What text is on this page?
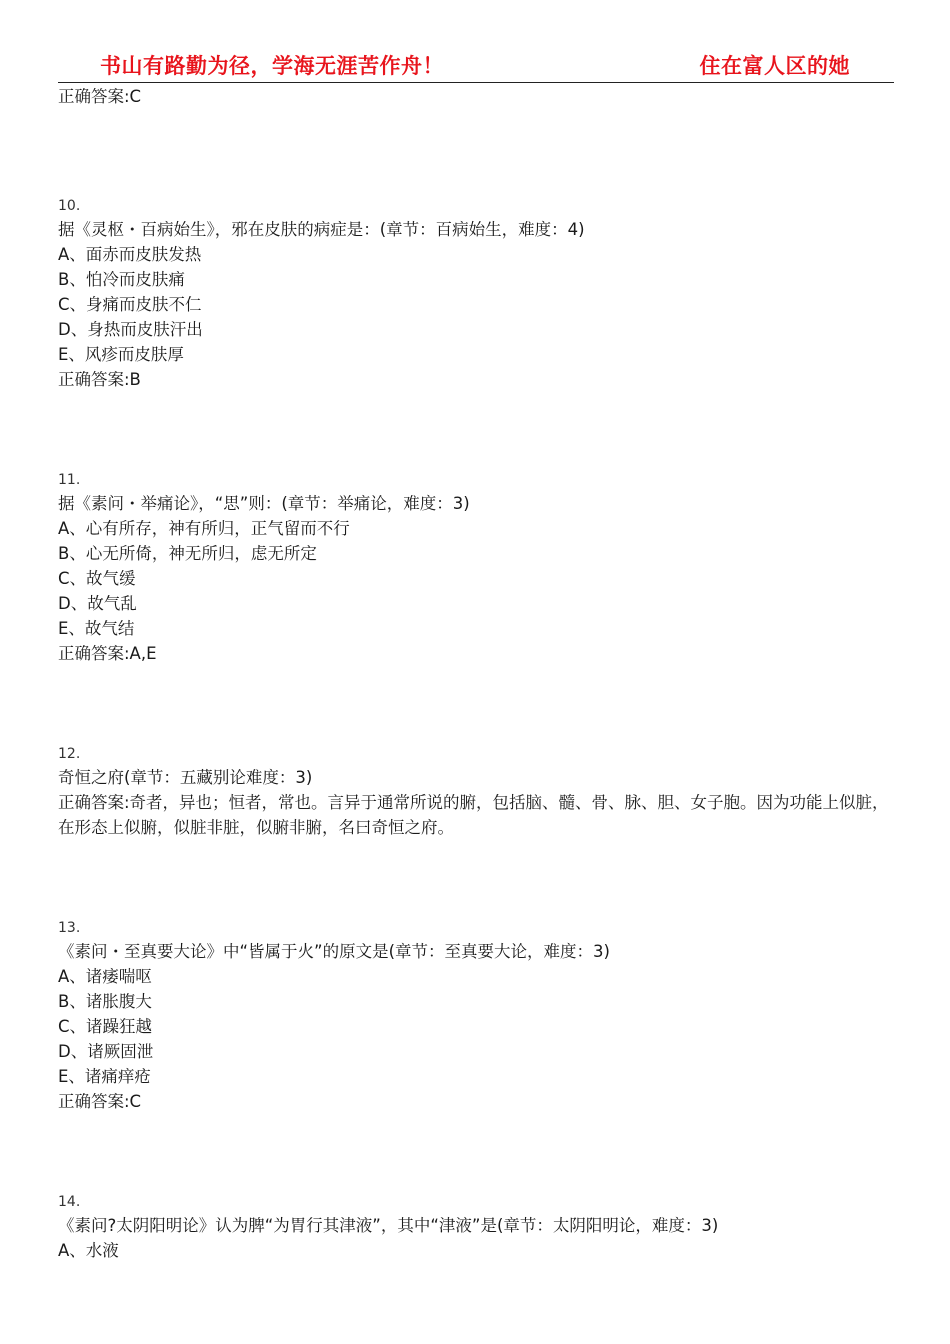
书山有路勤为径，学海无涯苦作舟！	住在富人区的她

正确答案:C

10.

据《灵枢・百病始生》，邪在皮肤的病症是：(章节：百病始生，难度：4)

A、面赤而皮肤发热

B、怕冷而皮肤痛

C、身痛而皮肤不仁

D、身热而皮肤汗出

E、风疹而皮肤厚

正确答案:B

11.

据《素问・举痛论》，“思”则：(章节：举痛论，难度：3)

A、心有所存，神有所归，正气留而不行

B、心无所倚，神无所归，虑无所定

C、故气缓

D、故气乱

E、故气结

正确答案:A,E

12.

奇恒之府(章节：五藏别论难度：3)

正确答案:奇者，异也；恒者，常也。言异于通常所说的腑，包括脑、髓、骨、脉、胆、女子胞。因为功能上似脏，在形态上似腑，似脏非脏，似腑非腑，名曰奇恒之府。

13.

《素问・至真要大论》中“皆属于火”的原文是(章节：至真要大论，难度：3)

A、诸痿喘呕

B、诸胀腹大

C、诸躁狂越

D、诸厥固泄

E、诸痛痒疮

正确答案:C

14.

《素问?太阴阳明论》认为脾“为胃行其津液”，其中“津液”是(章节：太阴阳明论，难度：3)

A、水液
